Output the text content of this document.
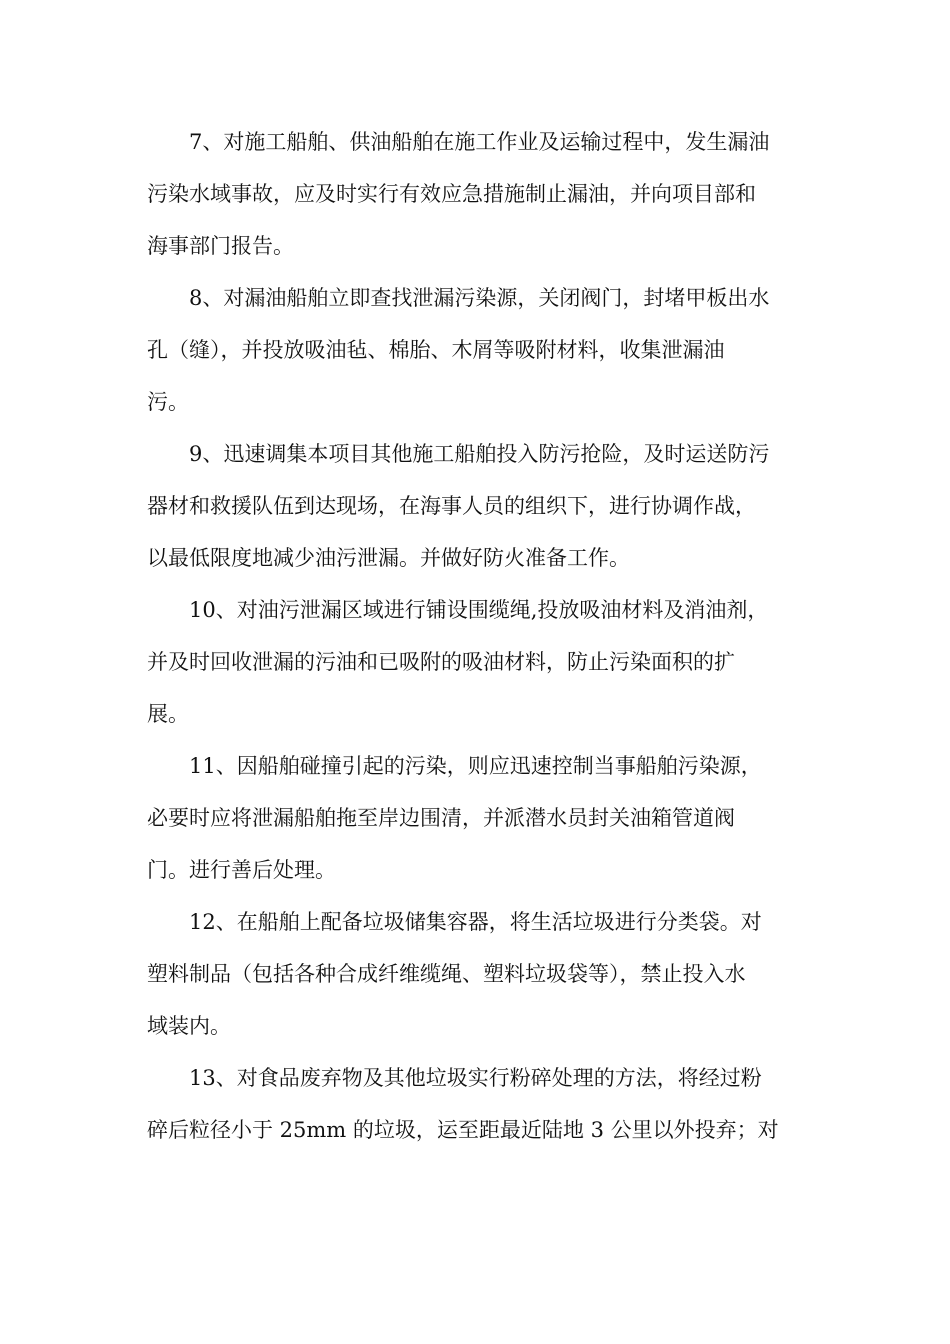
7、对施工船舶、供油船舶在施工作业及运输过程中，发生漏油
污染水域事故，应及时实行有效应急措施制止漏油，并向项目部和
海事部门报告。
8、对漏油船舶立即查找泄漏污染源，关闭阀门，封堵甲板出水
孔（缝），并投放吸油毡、棉胎、木屑等吸附材料，收集泄漏油
污。
9、迅速调集本项目其他施工船舶投入防污抢险，及时运送防污
器材和救援队伍到达现场，在海事人员的组织下，进行协调作战，
以最低限度地减少油污泄漏。并做好防火准备工作。
10、对油污泄漏区域进行铺设围缆绳,投放吸油材料及消油剂，
并及时回收泄漏的污油和已吸附的吸油材料，防止污染面积的扩
展。
11、因船舶碰撞引起的污染，则应迅速控制当事船舶污染源，
必要时应将泄漏船舶拖至岸边围清，并派潜水员封关油箱管道阀
门。进行善后处理。
12、在船舶上配备垃圾储集容器，将生活垃圾进行分类袋。对
塑料制品（包括各种合成纤维缆绳、塑料垃圾袋等），禁止投入水
域装内。
13、对食品废弃物及其他垃圾实行粉碎处理的方法，将经过粉
碎后粒径小于 25mm 的垃圾，运至距最近陆地 3 公里以外投弃；对
